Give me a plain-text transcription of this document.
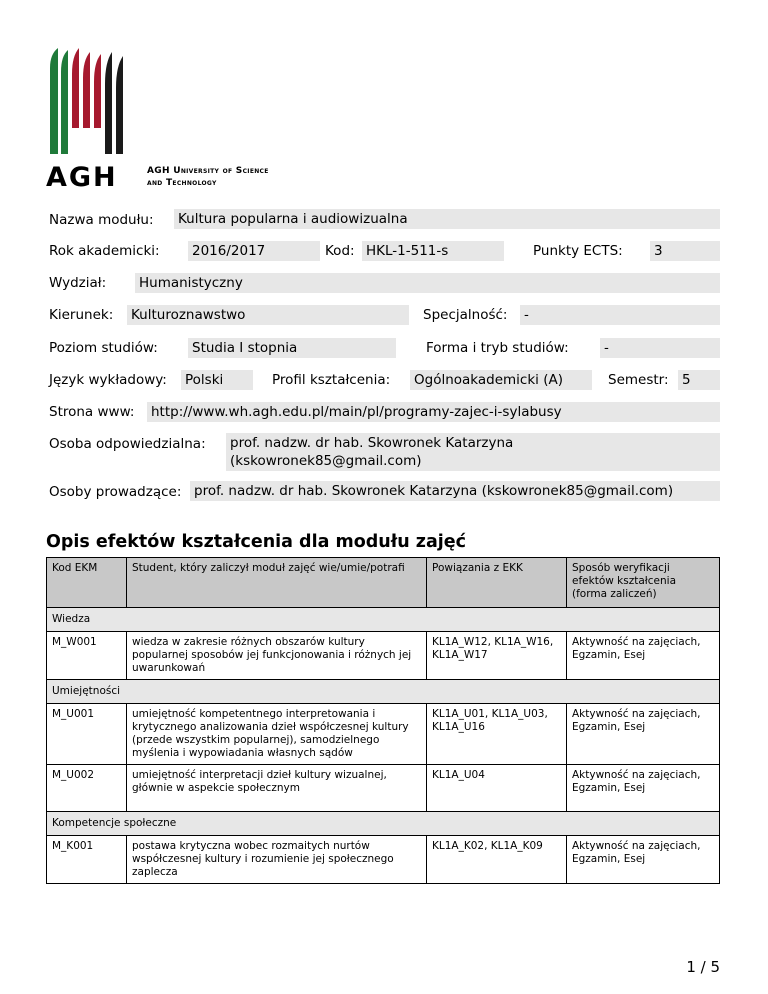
AGH	AGH University of Science
and Technology
Nazwa modułu: Kultura popularna i audiowizualna
Rok akademicki: 2016/2017	Kod: HKL-1-511-s	Punkty ECTS: 3
Wydział: Humanistyczny
Kierunek: Kulturoznawstwo	Specjalność: -
Poziom studiów:	Studia I stopnia	Forma i tryb studiów:	-
Język wykładowy: Polski	Profil kształcenia: Ogólnoakademicki (A)	Semestr: 5
Strona www: http://www.wh.agh.edu.pl/main/pl/programy-zajec-i-sylabusy
Osoba odpowiedzialna: prof. nadzw. dr hab. Skowronek Katarzyna
(kskowronek85@gmail.com)
Osoby prowadzące: prof. nadzw. dr hab. Skowronek Katarzyna (kskowronek85@gmail.com)
Opis efektów kształcenia dla modułu zajęć
Kod EKM	Student, który zaliczył moduł zajęć wie/umie/potrafi	Powiązania z EKK	Sposób weryfikacji efektów kształcenia (forma zaliczeń)
Wiedza			
M_W001	wiedza w zakresie różnych obszarów kultury popularnej sposobów jej funkcjonowania i różnych jej uwarunkowań	KL1A_W12, KL1A_W16, KL1A_W17	Aktywność na zajęciach, Egzamin, Esej
Umiejętności			
M_U001	umiejętność kompetentnego interpretowania i krytycznego analizowania dzieł współczesnej kultury (przede wszystkim popularnej), samodzielnego myślenia i wypowiadania własnych sądów	KL1A_U01, KL1A_U03, KL1A_U16	Aktywność na zajęciach, Egzamin, Esej
M_U002	umiejętność interpretacji dzieł kultury wizualnej, głównie w aspekcie społecznym	KL1A_U04	Aktywność na zajęciach, Egzamin, Esej
Kompetencje społeczne			
M_K001	postawa krytyczna wobec rozmaitych nurtów współczesnej kultury i rozumienie jej społecznego zaplecza	KL1A_K02, KL1A_K09	Aktywność na zajęciach, Egzamin, Esej
1 / 5
